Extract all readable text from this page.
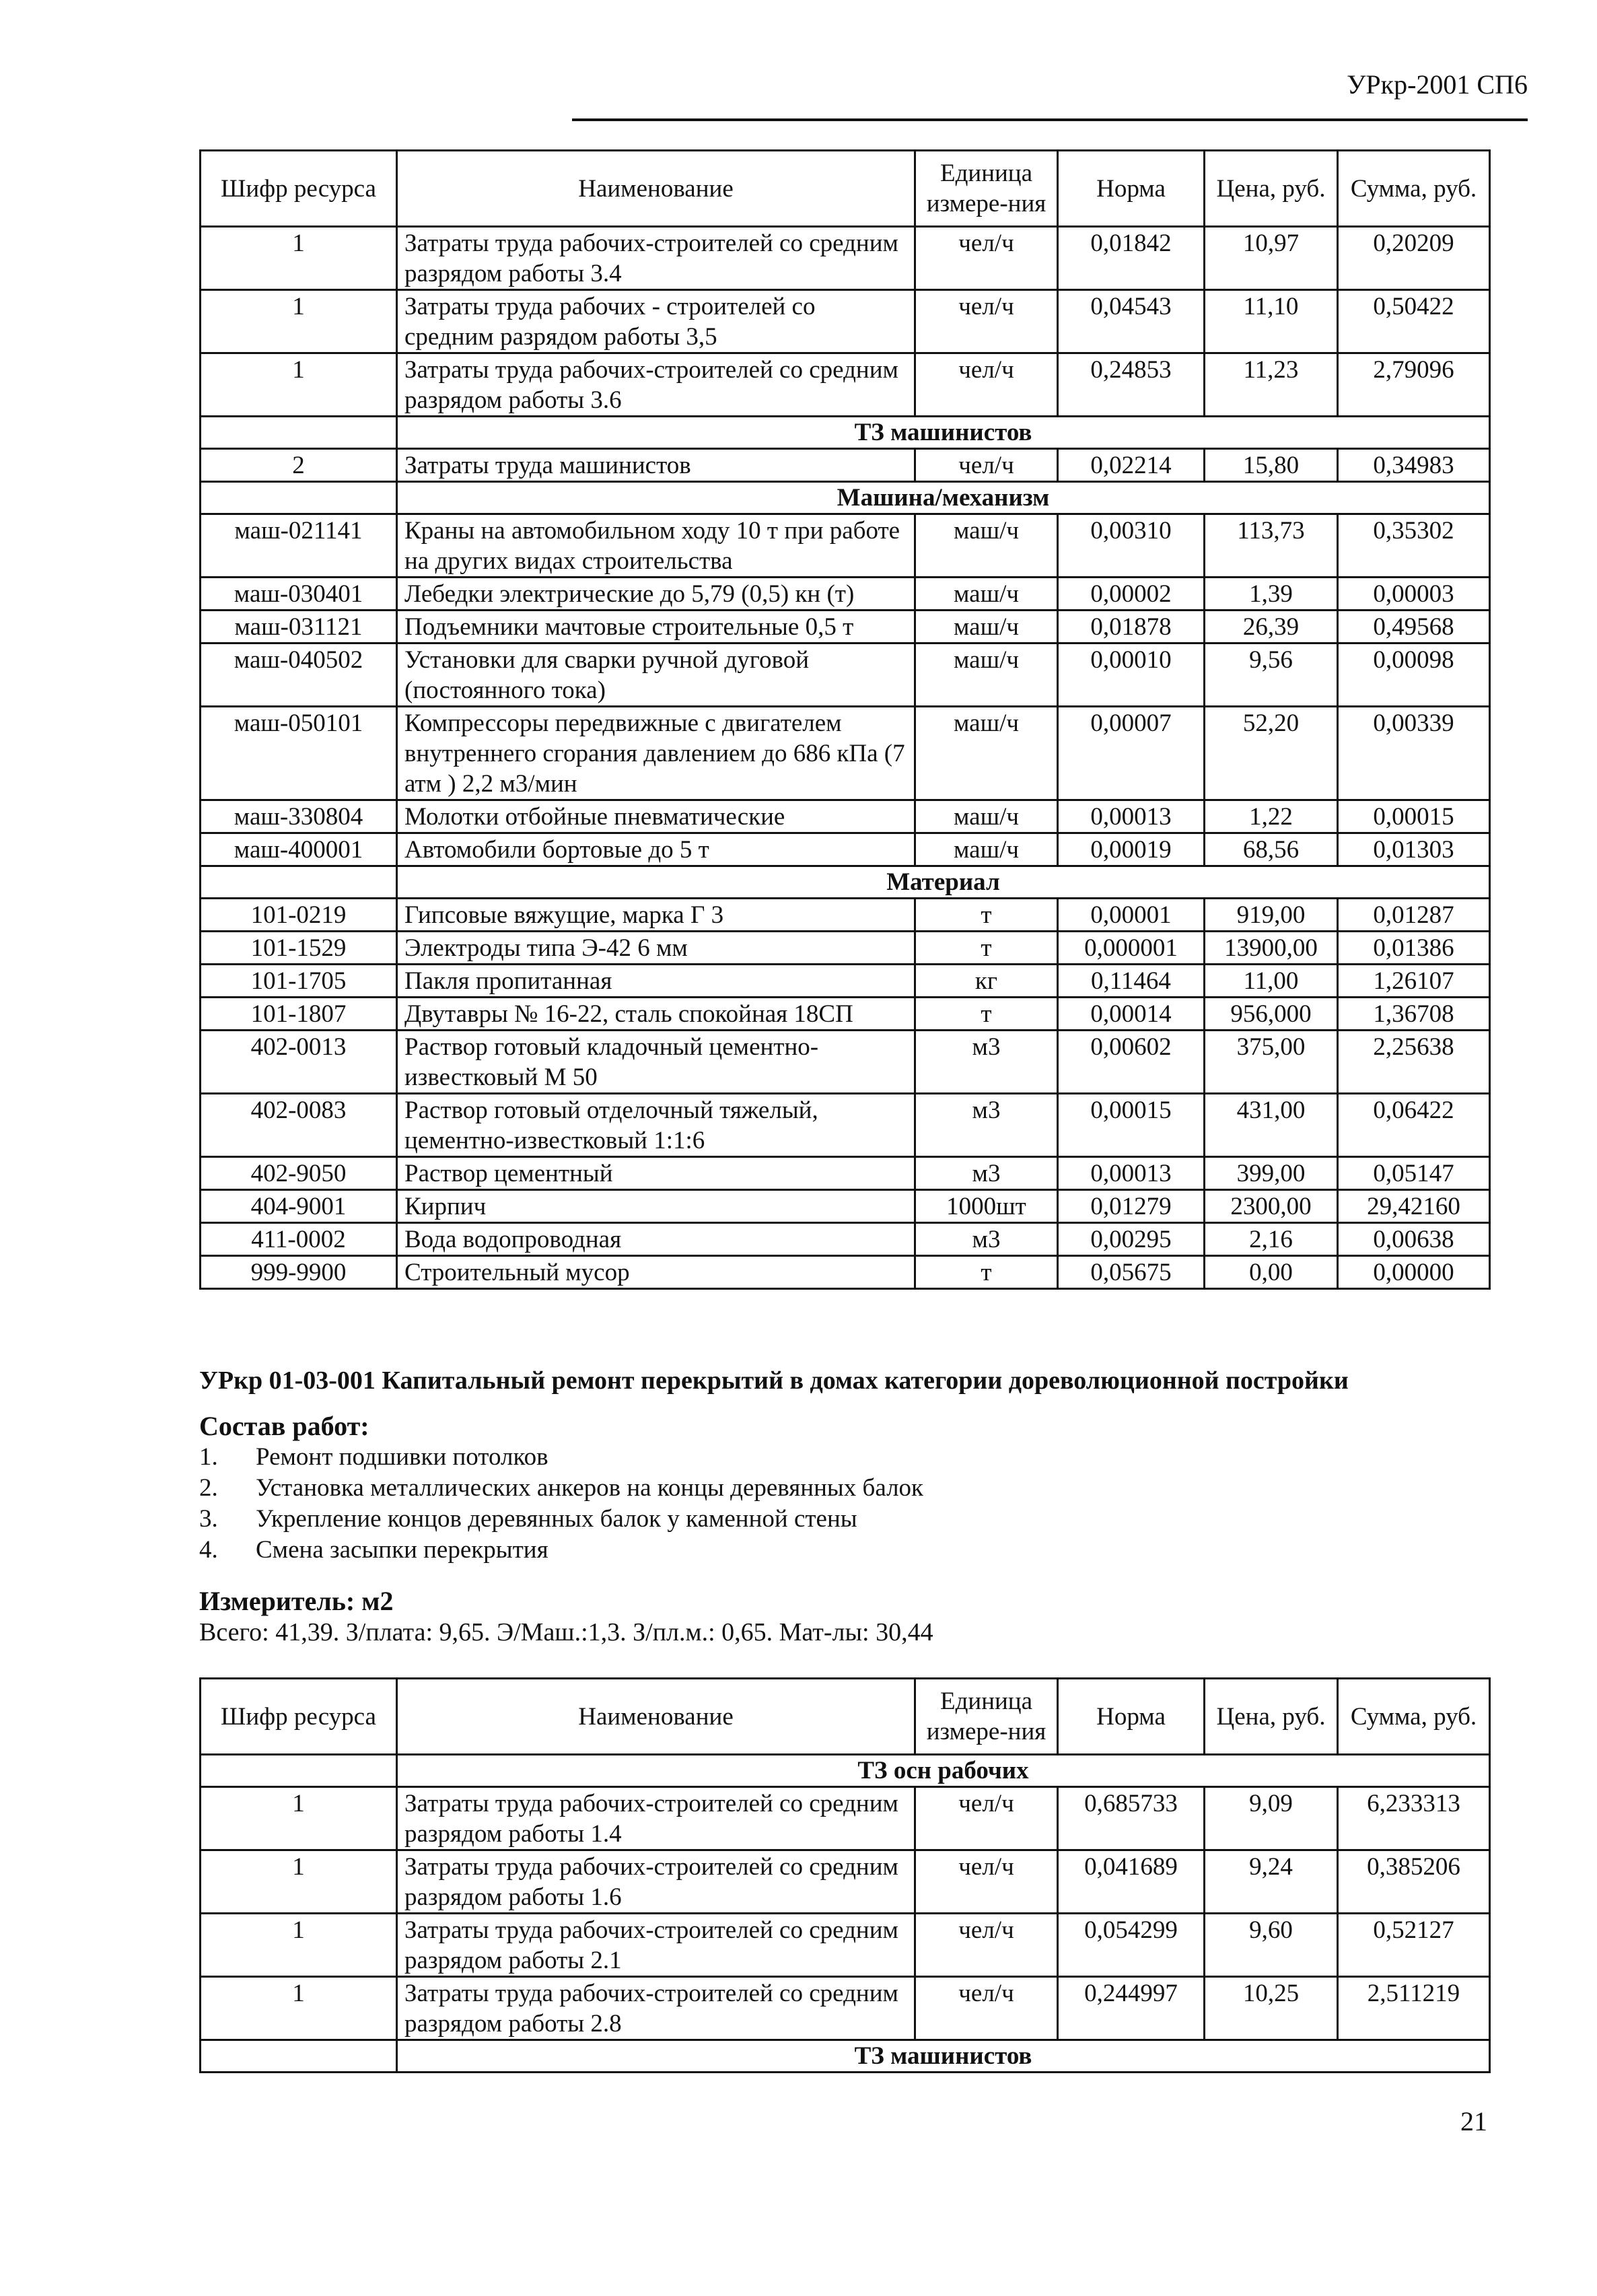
УРкр-2001 СП6
Шифр ресурса	Наименование	Единица измере-ния	Норма	Цена, руб.	Сумма, руб.
1	Затраты труда рабочих-строителей со средним разрядом работы 3.4	чел/ч	0,01842	10,97	0,20209
1	Затраты труда рабочих - строителей со средним разрядом работы 3,5	чел/ч	0,04543	11,10	0,50422
1	Затраты труда рабочих-строителей со средним разрядом работы 3.6	чел/ч	0,24853	11,23	2,79096
	ТЗ машинистов				
2	Затраты труда машинистов	чел/ч	0,02214	15,80	0,34983
	Машина/механизм				
маш-021141	Краны на автомобильном ходу 10 т при работе на других видах строительства	маш/ч	0,00310	113,73	0,35302
маш-030401	Лебедки электрические до 5,79 (0,5) кн (т)	маш/ч	0,00002	1,39	0,00003
маш-031121	Подъемники мачтовые строительные 0,5 т	маш/ч	0,01878	26,39	0,49568
маш-040502	Установки для сварки ручной дуговой (постоянного тока)	маш/ч	0,00010	9,56	0,00098
маш-050101	Компрессоры передвижные с двигателем внутреннего сгорания давлением до 686 кПа (7 атм ) 2,2 м3/мин	маш/ч	0,00007	52,20	0,00339
маш-330804	Молотки отбойные пневматические	маш/ч	0,00013	1,22	0,00015
маш-400001	Автомобили бортовые до 5 т	маш/ч	0,00019	68,56	0,01303
	Материал				
101-0219	Гипсовые вяжущие, марка Г 3	т	0,00001	919,00	0,01287
101-1529	Электроды типа Э-42 6 мм	т	0,000001	13900,00	0,01386
101-1705	Пакля пропитанная	кг	0,11464	11,00	1,26107
101-1807	Двутавры № 16-22, сталь спокойная 18СП	т	0,00014	956,000	1,36708
402-0013	Раствор готовый кладочный цементно-известковый М 50	м3	0,00602	375,00	2,25638
402-0083	Раствор готовый отделочный тяжелый, цементно-известковый 1:1:6	м3	0,00015	431,00	0,06422
402-9050	Раствор цементный	м3	0,00013	399,00	0,05147
404-9001	Кирпич	1000шт	0,01279	2300,00	29,42160
411-0002	Вода водопроводная	м3	0,00295	2,16	0,00638
999-9900	Строительный мусор	т	0,05675	0,00	0,00000
УРкр 01-03-001 Капитальный ремонт перекрытий в домах категории дореволюционной постройки
Состав работ:
1. Ремонт подшивки потолков
2. Установка металлических анкеров на концы деревянных балок
3. Укрепление концов деревянных балок у каменной стены
4. Смена засыпки перекрытия
Измеритель: м2
Всего: 41,39. З/плата: 9,65. Э/Маш.:1,3. З/пл.м.: 0,65. Мат-лы: 30,44
Шифр ресурса	Наименование	Единица измере-ния	Норма	Цена, руб.	Сумма, руб.
	ТЗ осн рабочих				
1	Затраты труда рабочих-строителей со средним разрядом работы 1.4	чел/ч	0,685733	9,09	6,233313
1	Затраты труда рабочих-строителей со средним разрядом работы 1.6	чел/ч	0,041689	9,24	0,385206
1	Затраты труда рабочих-строителей со средним разрядом работы 2.1	чел/ч	0,054299	9,60	0,52127
1	Затраты труда рабочих-строителей со средним разрядом работы 2.8	чел/ч	0,244997	10,25	2,511219
	ТЗ машинистов				
21
